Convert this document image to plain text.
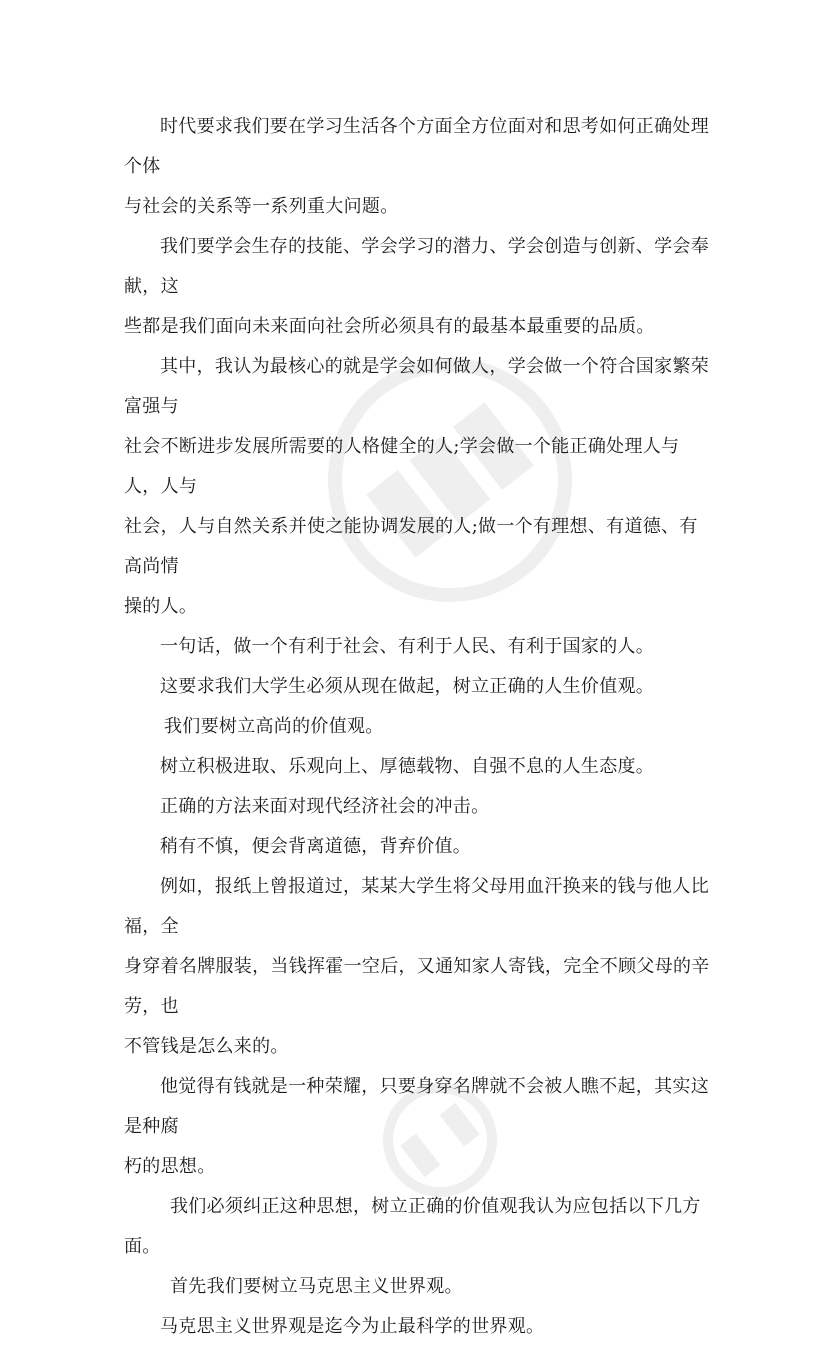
时代要求我们要在学习生活各个方面全方位面对和思考如何正确处理个体
与社会的关系等一系列重大问题。

我们要学会生存的技能、学会学习的潜力、学会创造与创新、学会奉献，这
些都是我们面向未来面向社会所必须具有的最基本最重要的品质。

其中，我认为最核心的就是学会如何做人，学会做一个符合国家繁荣富强与
社会不断进步发展所需要的人格健全的人;学会做一个能正确处理人与人，人与
社会，人与自然关系并使之能协调发展的人;做一个有理想、有道德、有高尚情
操的人。

一句话，做一个有利于社会、有利于人民、有利于国家的人。

这要求我们大学生必须从现在做起，树立正确的人生价值观。

我们要树立高尚的价值观。

树立积极进取、乐观向上、厚德载物、自强不息的人生态度。

正确的方法来面对现代经济社会的冲击。

稍有不慎，便会背离道德，背弃价值。

例如，报纸上曾报道过，某某大学生将父母用血汗换来的钱与他人比福，全
身穿着名牌服装，当钱挥霍一空后，又通知家人寄钱，完全不顾父母的辛劳，也
不管钱是怎么来的。

他觉得有钱就是一种荣耀，只要身穿名牌就不会被人瞧不起，其实这是种腐
朽的思想。

我们必须纠正这种思想，树立正确的价值观我认为应包括以下几方面。

首先我们要树立马克思主义世界观。

马克思主义世界观是迄今为止最科学的世界观。
